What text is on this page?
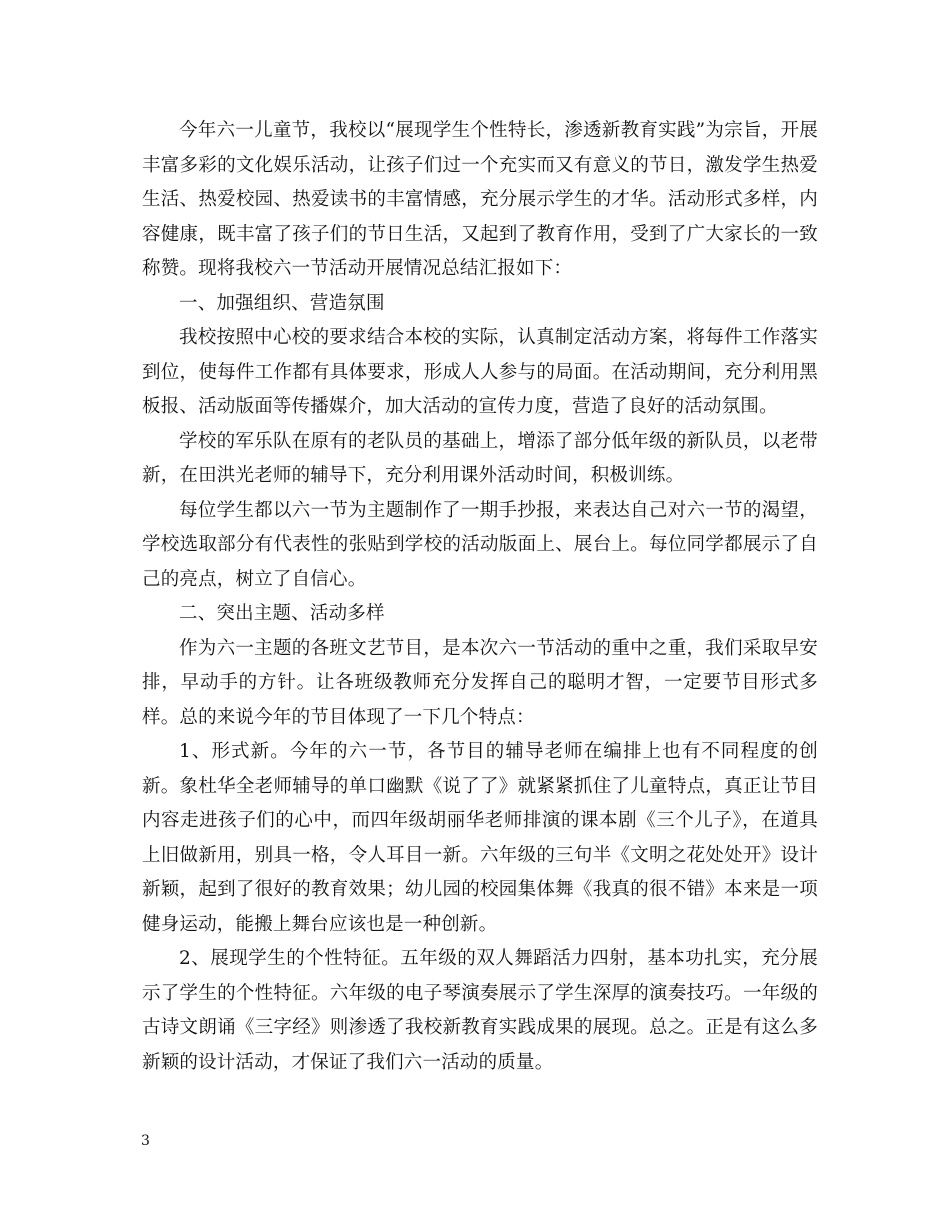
今年六一儿童节，我校以“展现学生个性特长，渗透新教育实践”为宗旨，开展丰富多彩的文化娱乐活动，让孩子们过一个充实而又有意义的节日，激发学生热爱生活、热爱校园、热爱读书的丰富情感，充分展示学生的才华。活动形式多样，内容健康，既丰富了孩子们的节日生活，又起到了教育作用，受到了广大家长的一致称赞。现将我校六一节活动开展情况总结汇报如下：

一、加强组织、营造氛围

我校按照中心校的要求结合本校的实际，认真制定活动方案，将每件工作落实到位，使每件工作都有具体要求，形成人人参与的局面。在活动期间，充分利用黑板报、活动版面等传播媒介，加大活动的宣传力度，营造了良好的活动氛围。

学校的军乐队在原有的老队员的基础上，增添了部分低年级的新队员，以老带新，在田洪光老师的辅导下，充分利用课外活动时间，积极训练。

每位学生都以六一节为主题制作了一期手抄报，来表达自己对六一节的渴望，学校选取部分有代表性的张贴到学校的活动版面上、展台上。每位同学都展示了自己的亮点，树立了自信心。

二、突出主题、活动多样

作为六一主题的各班文艺节目，是本次六一节活动的重中之重，我们采取早安排，早动手的方针。让各班级教师充分发挥自己的聪明才智，一定要节目形式多样。总的来说今年的节目体现了一下几个特点：

1、形式新。今年的六一节，各节目的辅导老师在编排上也有不同程度的创新。象杜华全老师辅导的单口幽默《说了了》就紧紧抓住了儿童特点，真正让节目内容走进孩子们的心中，而四年级胡丽华老师排演的课本剧《三个儿子》，在道具上旧做新用，别具一格，令人耳目一新。六年级的三句半《文明之花处处开》设计新颖，起到了很好的教育效果；幼儿园的校园集体舞《我真的很不错》本来是一项健身运动，能搬上舞台应该也是一种创新。

2、展现学生的个性特征。五年级的双人舞蹈活力四射，基本功扎实，充分展示了学生的个性特征。六年级的电子琴演奏展示了学生深厚的演奏技巧。一年级的古诗文朗诵《三字经》则渗透了我校新教育实践成果的展现。总之。正是有这么多新颖的设计活动，才保证了我们六一活动的质量。

3
